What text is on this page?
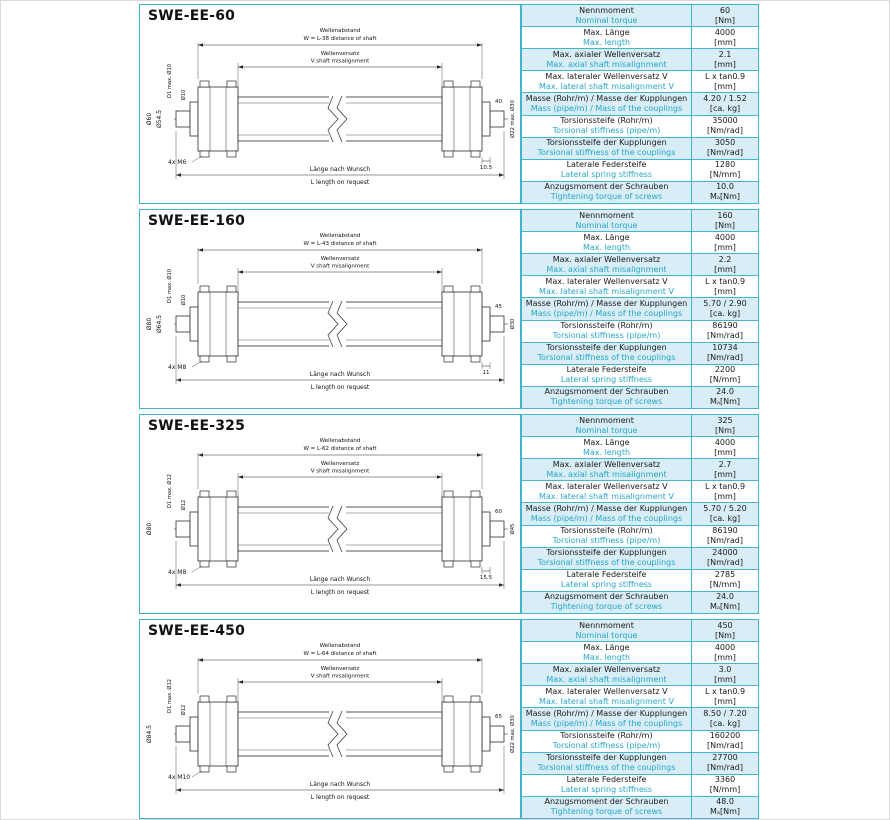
SWE-EE-60
Länge nach Wunsch
L length on request
Wellenabstand
W = L-38 distance of shaft
Wellenversatz
V shaft misalignment
Ø60 Ø54.5
D1 max. Ø10 Ø10
Ø22 max. Ø30
40
10.5
4x M6
Nennmoment
Nominal torque	60
[Nm]

Max. Länge
Max. length	4000
[mm]

Max. axialer Wellenversatz
Max. axial shaft misalignment	2.1
[mm]

Max. lateraler Wellenversatz V
Max. lateral shaft misalignment V	L x tan0.9
[mm]

Masse (Rohr/m) / Masse der Kupplungen
Mass (pipe/m) / Mass of the couplings	4.20 / 1.52
[ca. kg]

Torsionssteife (Rohr/m)
Torsional stiffness (pipe/m)	35000
[Nm/rad]

Torsionssteife der Kupplungen
Torsional stiffness of the couplings	3050
[Nm/rad]

Laterale Federsteife
Lateral spring stiffness	1280
[N/mm]

Anzugsmoment der Schrauben
Tightening torque of screws	10.0
Mₐ[Nm]
SWE-EE-160
Länge nach Wunsch
L length on request
Wellenabstand
W = L-43 distance of shaft
Wellenversatz
V shaft misalignment
Ø80 Ø64.5
D1 max. Ø10 Ø10
Ø30
45
11
4x M8
Nennmoment
Nominal torque	160
[Nm]

Max. Länge
Max. length	4000
[mm]

Max. axialer Wellenversatz
Max. axial shaft misalignment	2.2
[mm]

Max. lateraler Wellenversatz V
Max. lateral shaft misalignment V	L x tan0.9
[mm]

Masse (Rohr/m) / Masse der Kupplungen
Mass (pipe/m) / Mass of the couplings	5.70 / 2.90
[ca. kg]

Torsionssteife (Rohr/m)
Torsional stiffness (pipe/m)	86190
[Nm/rad]

Torsionssteife der Kupplungen
Torsional stiffness of the couplings	10734
[Nm/rad]

Laterale Federsteife
Lateral spring stiffness	2200
[N/mm]

Anzugsmoment der Schrauben
Tightening torque of screws	24.0
Mₐ[Nm]
SWE-EE-325
Länge nach Wunsch
L length on request
Wellenabstand
W = L-62 distance of shaft
Wellenversatz
V shaft misalignment
Ø80
D1 max. Ø12 Ø12
Ø45
60
15.5
4x M8
Nennmoment
Nominal torque	325
[Nm]

Max. Länge
Max. length	4000
[mm]

Max. axialer Wellenversatz
Max. axial shaft misalignment	2.7
[mm]

Max. lateraler Wellenversatz V
Max. lateral shaft misalignment V	L x tan0.9
[mm]

Masse (Rohr/m) / Masse der Kupplungen
Mass (pipe/m) / Mass of the couplings	5.70 / 5.20
[ca. kg]

Torsionssteife (Rohr/m)
Torsional stiffness (pipe/m)	86190
[Nm/rad]

Torsionssteife der Kupplungen
Torsional stiffness of the couplings	24000
[Nm/rad]

Laterale Federsteife
Lateral spring stiffness	2785
[N/mm]

Anzugsmoment der Schrauben
Tightening torque of screws	24.0
Mₐ[Nm]
SWE-EE-450
Länge nach Wunsch
L length on request
Wellenabstand
W = L-64 distance of shaft
Wellenversatz
V shaft misalignment
Ø84.5
D1 max. Ø12 Ø12
Ø22 max. Ø30
65
4x M10
Nennmoment
Nominal torque	450
[Nm]

Max. Länge
Max. length	4000
[mm]

Max. axialer Wellenversatz
Max. axial shaft misalignment	3.0
[mm]

Max. lateraler Wellenversatz V
Max. lateral shaft misalignment V	L x tan0.9
[mm]

Masse (Rohr/m) / Masse der Kupplungen
Mass (pipe/m) / Mass of the couplings	8.50 / 7.20
[ca. kg]

Torsionssteife (Rohr/m)
Torsional stiffness (pipe/m)	160200
[Nm/rad]

Torsionssteife der Kupplungen
Torsional stiffness of the couplings	27700
[Nm/rad]

Laterale Federsteife
Lateral spring stiffness	3360
[N/mm]

Anzugsmoment der Schrauben
Tightening torque of screws	48.0
Mₐ[Nm]
